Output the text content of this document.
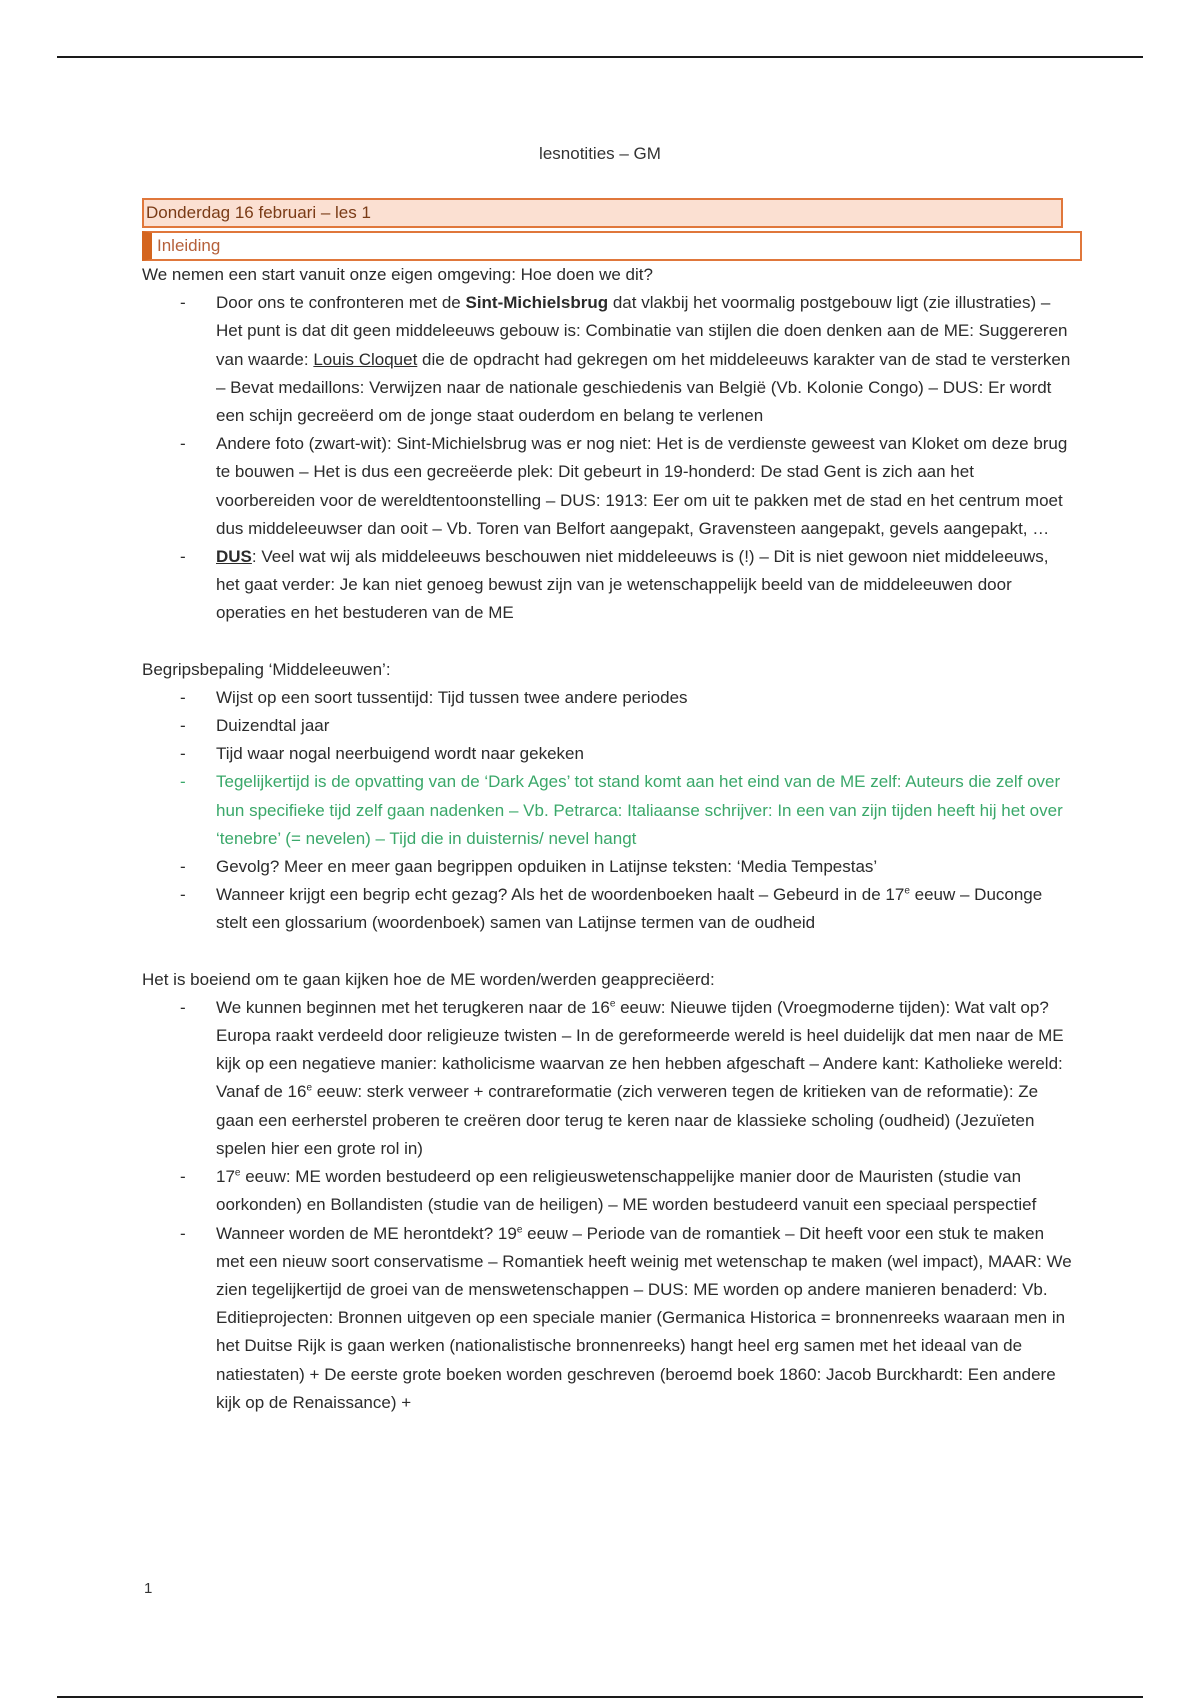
lesnotities – GM
Donderdag 16 februari – les 1
Inleiding

We nemen een start vanuit onze eigen omgeving: Hoe doen we dit?

- Door ons te confronteren met de Sint-Michielsbrug dat vlakbij het voormalig postgebouw ligt (zie illustraties) – Het punt is dat dit geen middeleeuws gebouw is: Combinatie van stijlen die doen denken aan de ME: Suggereren van waarde: Louis Cloquet die de opdracht had gekregen om het middeleeuws karakter van de stad te versterken – Bevat medaillons: Verwijzen naar de nationale geschiedenis van België (Vb. Kolonie Congo) – DUS: Er wordt een schijn gecreëerd om de jonge staat ouderdom en belang te verlenen
- Andere foto (zwart-wit): Sint-Michielsbrug was er nog niet: Het is de verdienste geweest van Kloket om deze brug te bouwen – Het is dus een gecreëerde plek: Dit gebeurt in 19-honderd: De stad Gent is zich aan het voorbereiden voor de wereldtentoonstelling – DUS: 1913: Eer om uit te pakken met de stad en het centrum moet dus middeleeuwser dan ooit – Vb. Toren van Belfort aangepakt, Gravensteen aangepakt, gevels aangepakt, …
- DUS: Veel wat wij als middeleeuws beschouwen niet middeleeuws is (!) – Dit is niet gewoon niet middeleeuws, het gaat verder: Je kan niet genoeg bewust zijn van je wetenschappelijk beeld van de middeleeuwen door operaties en het bestuderen van de ME

Begripsbepaling ‘Middeleeuwen’:

- Wijst op een soort tussentijd: Tijd tussen twee andere periodes
- Duizendtal jaar
- Tijd waar nogal neerbuigend wordt naar gekeken
- Tegelijkertijd is de opvatting van de ‘Dark Ages’ tot stand komt aan het eind van de ME zelf: Auteurs die zelf over hun specifieke tijd zelf gaan nadenken – Vb. Petrarca: Italiaanse schrijver: In een van zijn tijden heeft hij het over ‘tenebre’ (= nevelen) – Tijd die in duisternis/ nevel hangt
- Gevolg? Meer en meer gaan begrippen opduiken in Latijnse teksten: ‘Media Tempestas’
- Wanneer krijgt een begrip echt gezag? Als het de woordenboeken haalt – Gebeurd in de 17e eeuw – Duconge stelt een glossarium (woordenboek) samen van Latijnse termen van de oudheid

Het is boeiend om te gaan kijken hoe de ME worden/werden geappreciëerd:

- We kunnen beginnen met het terugkeren naar de 16e eeuw: Nieuwe tijden (Vroegmoderne tijden): Wat valt op? Europa raakt verdeeld door religieuze twisten – In de gereformeerde wereld is heel duidelijk dat men naar de ME kijk op een negatieve manier: katholicisme waarvan ze hen hebben afgeschaft – Andere kant: Katholieke wereld: Vanaf de 16e eeuw: sterk verweer + contrareformatie (zich verweren tegen de kritieken van de reformatie): Ze gaan een eerherstel proberen te creëren door terug te keren naar de klassieke scholing (oudheid) (Jezuïeten spelen hier een grote rol in)
- 17e eeuw: ME worden bestudeerd op een religieuswetenschappelijke manier door de Mauristen (studie van oorkonden) en Bollandisten (studie van de heiligen) – ME worden bestudeerd vanuit een speciaal perspectief
- Wanneer worden de ME herontdekt? 19e eeuw – Periode van de romantiek – Dit heeft voor een stuk te maken met een nieuw soort conservatisme – Romantiek heeft weinig met wetenschap te maken (wel impact), MAAR: We zien tegelijkertijd de groei van de menswetenschappen – DUS: ME worden op andere manieren benaderd: Vb. Editieprojecten: Bronnen uitgeven op een speciale manier (Germanica Historica = bronnenreeks waaraan men in het Duitse Rijk is gaan werken (nationalistische bronnenreeks) hangt heel erg samen met het ideaal van de natiestaten) + De eerste grote boeken worden geschreven (beroemd boek 1860: Jacob Burckhardt: Een andere kijk op de Renaissance) +
1
